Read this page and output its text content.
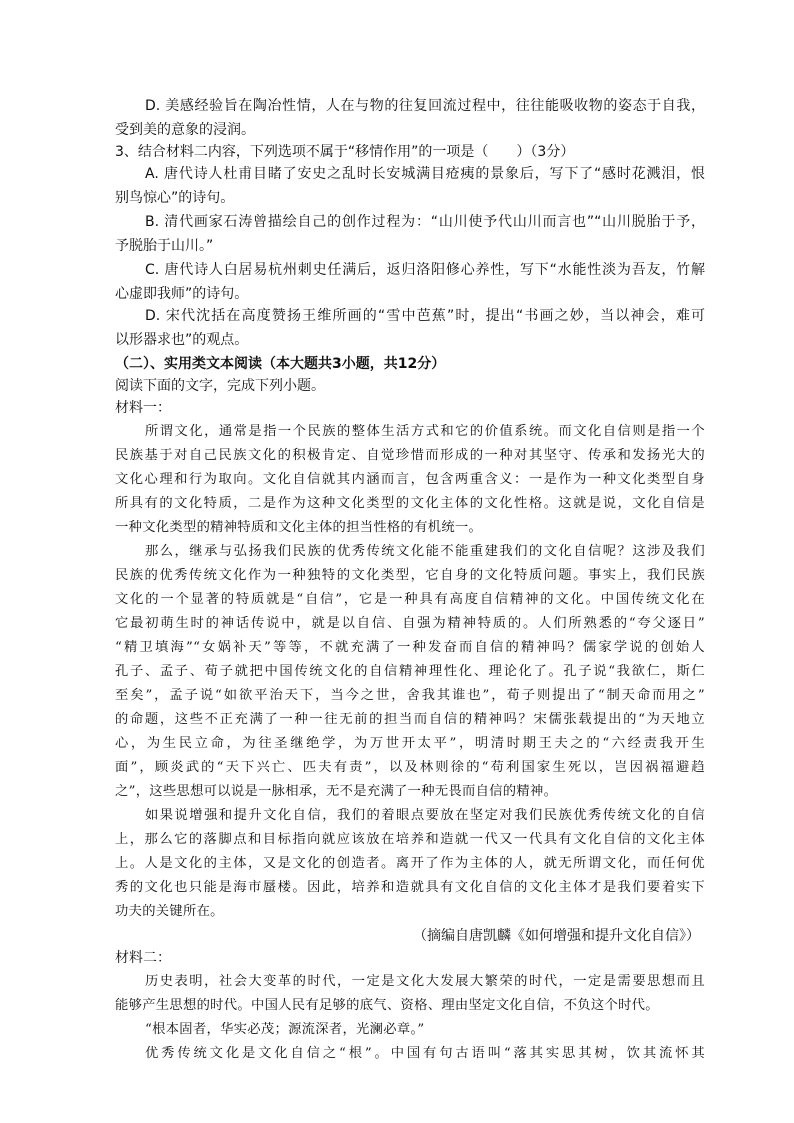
D. 美感经验旨在陶冶性情，人在与物的往复回流过程中，往往能吸收物的姿态于自我，

受到美的意象的浸润。

3、结合材料二内容，下列选项不属于“移情作用”的一项是（　　）（3分）

A. 唐代诗人杜甫目睹了安史之乱时长安城满目疮痍的景象后，写下了“感时花溅泪，恨

别鸟惊心”的诗句。

B. 清代画家石涛曾描绘自己的创作过程为：“山川使予代山川而言也”“山川脱胎于予，

予脱胎于山川。”

C. 唐代诗人白居易杭州刺史任满后，返归洛阳修心养性，写下“水能性淡为吾友，竹解

心虚即我师”的诗句。

D. 宋代沈括在高度赞扬王维所画的“雪中芭蕉”时，提出“书画之妙，当以神会，难可

以形器求也”的观点。

（二）、实用类文本阅读（本大题共3小题，共12分）

阅读下面的文字，完成下列小题。

材料一：

所谓文化，通常是指一个民族的整体生活方式和它的价值系统。而文化自信则是指一个

民族基于对自己民族文化的积极肯定、自觉珍惜而形成的一种对其坚守、传承和发扬光大的

文化心理和行为取向。文化自信就其内涵而言，包含两重含义：一是作为一种文化类型自身

所具有的文化特质，二是作为这种文化类型的文化主体的文化性格。这就是说，文化自信是

一种文化类型的精神特质和文化主体的担当性格的有机统一。

那么，继承与弘扬我们民族的优秀传统文化能不能重建我们的文化自信呢？这涉及我们

民族的优秀传统文化作为一种独特的文化类型，它自身的文化特质问题。事实上，我们民族

文化的一个显著的特质就是“自信”，它是一种具有高度自信精神的文化。中国传统文化在

它最初萌生时的神话传说中，就是以自信、自强为精神特质的。人们所熟悉的“夸父逐日”

“精卫填海”“女娲补天”等等，不就充满了一种发奋而自信的精神吗？儒家学说的创始人

孔子、孟子、荀子就把中国传统文化的自信精神理性化、理论化了。孔子说“我欲仁，斯仁

至矣”，孟子说“如欲平治天下，当今之世，舍我其谁也”，荀子则提出了“制天命而用之”

的命题，这些不正充满了一种一往无前的担当而自信的精神吗？宋儒张载提出的“为天地立

心，为生民立命，为往圣继绝学，为万世开太平”，明清时期王夫之的“六经责我开生

面”，顾炎武的“天下兴亡、匹夫有责”，以及林则徐的“苟利国家生死以，岂因祸福避趋

之”，这些思想可以说是一脉相承，无不是充满了一种无畏而自信的精神。

如果说增强和提升文化自信，我们的着眼点要放在坚定对我们民族优秀传统文化的自信

上，那么它的落脚点和目标指向就应该放在培养和造就一代又一代具有文化自信的文化主体

上。人是文化的主体，又是文化的创造者。离开了作为主体的人，就无所谓文化，而任何优

秀的文化也只能是海市蜃楼。因此，培养和造就具有文化自信的文化主体才是我们要着实下

功夫的关键所在。

（摘编自唐凯麟《如何增强和提升文化自信》）

材料二：

历史表明，社会大变革的时代，一定是文化大发展大繁荣的时代，一定是需要思想而且

能够产生思想的时代。中国人民有足够的底气、资格、理由坚定文化自信，不负这个时代。

“根本固者，华实必茂；源流深者，光澜必章。”

优秀传统文化是文化自信之“根”。中国有句古语叫“落其实思其树，饮其流怀其
